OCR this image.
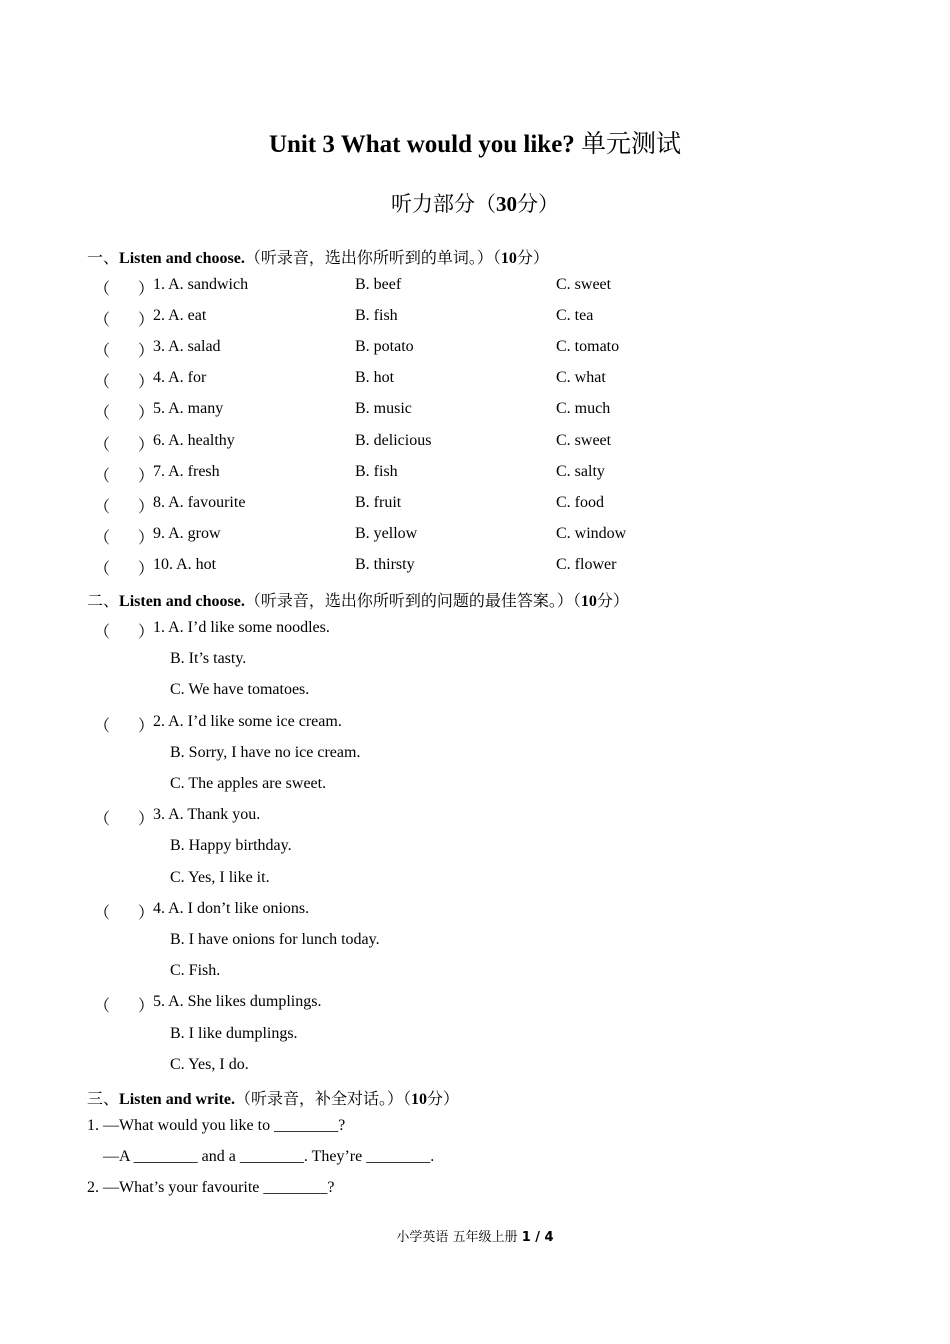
Unit 3 What would you like? 单元测试
听力部分（30分）
一、Listen and choose.（听录音，选出你所听到的单词。）（10分）
（ ）
1. A. sandwich	B. beef	C. sweet
（ ）
2. A. eat	B. fish	C. tea
（ ）
3. A. salad	B. potato	C. tomato
（ ）
4. A. for	B. hot	C. what
（ ）
5. A. many	B. music	C. much
（ ）
6. A. healthy	B. delicious	C. sweet
（ ）
7. A. fresh	B. fish	C. salty
（ ）
8. A. favourite	B. fruit	C. food
（ ）
9. A. grow	B. yellow	C. window
（ ）
10. A. hot	B. thirsty	C. flower
二、Listen and choose.（听录音，选出你所听到的问题的最佳答案。）（10分）
（ ）
1. A. I’d like some noodles.
B. It’s tasty.
C. We have tomatoes.
（ ）
2. A. I’d like some ice cream.
B. Sorry, I have no ice cream.
C. The apples are sweet.
（ ）
3. A. Thank you.
B. Happy birthday.
C. Yes, I like it.
（ ）
4. A. I don’t like onions.
B. I have onions for lunch today.
C. Fish.
（ ）
5. A. She likes dumplings.
B. I like dumplings.
C. Yes, I do.
三、Listen and write.（听录音，补全对话。）（10分）
1. —What would you like to ________?
—A ________ and a ________. They’re ________.
2. —What’s your favourite ________?
小学英语 五年级上册 1 / 4
